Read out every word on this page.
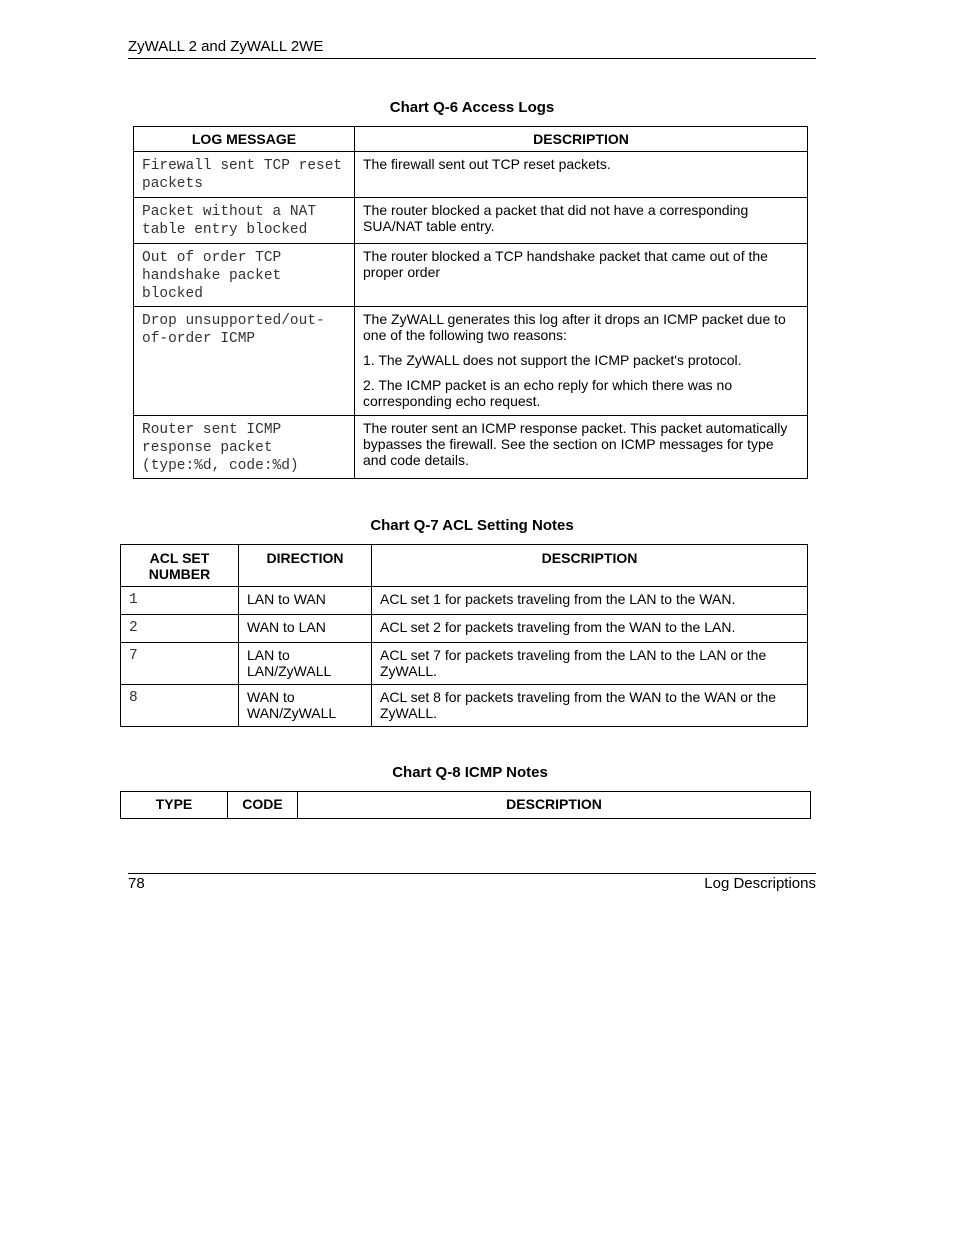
ZyWALL 2 and ZyWALL 2WE
Chart Q-6 Access Logs
LOG MESSAGE	DESCRIPTION
Firewall sent TCP reset packets	The firewall sent out TCP reset packets.

Packet without a NAT table entry blocked	The router blocked a packet that did not have a corresponding SUA/NAT table entry.

Out of order TCP handshake packet blocked	The router blocked a TCP handshake packet that came out of the proper order

Drop unsupported/out-of-order ICMP	The ZyWALL generates this log after it drops an ICMP packet due to one of the following two reasons:

1. The ZyWALL does not support the ICMP packet's protocol.

2. The ICMP packet is an echo reply for which there was no corresponding echo request.

Router sent ICMP response packet (type:%d, code:%d)	The router sent an ICMP response packet. This packet automatically bypasses the firewall. See the section on ICMP messages for type and code details.

Chart Q-7 ACL Setting Notes
ACL SET NUMBER	DIRECTION	DESCRIPTION
1	LAN to WAN	ACL set 1 for packets traveling from the LAN to the WAN.
2	WAN to LAN	ACL set 2 for packets traveling from the WAN to the LAN.
7	LAN to LAN/ZyWALL	ACL set 7 for packets traveling from the LAN to the LAN or the ZyWALL.
8	WAN to WAN/ZyWALL	ACL set 8 for packets traveling from the WAN to the WAN or the ZyWALL.
Chart Q-8 ICMP Notes
TYPE	CODE	DESCRIPTION
78	Log Descriptions
